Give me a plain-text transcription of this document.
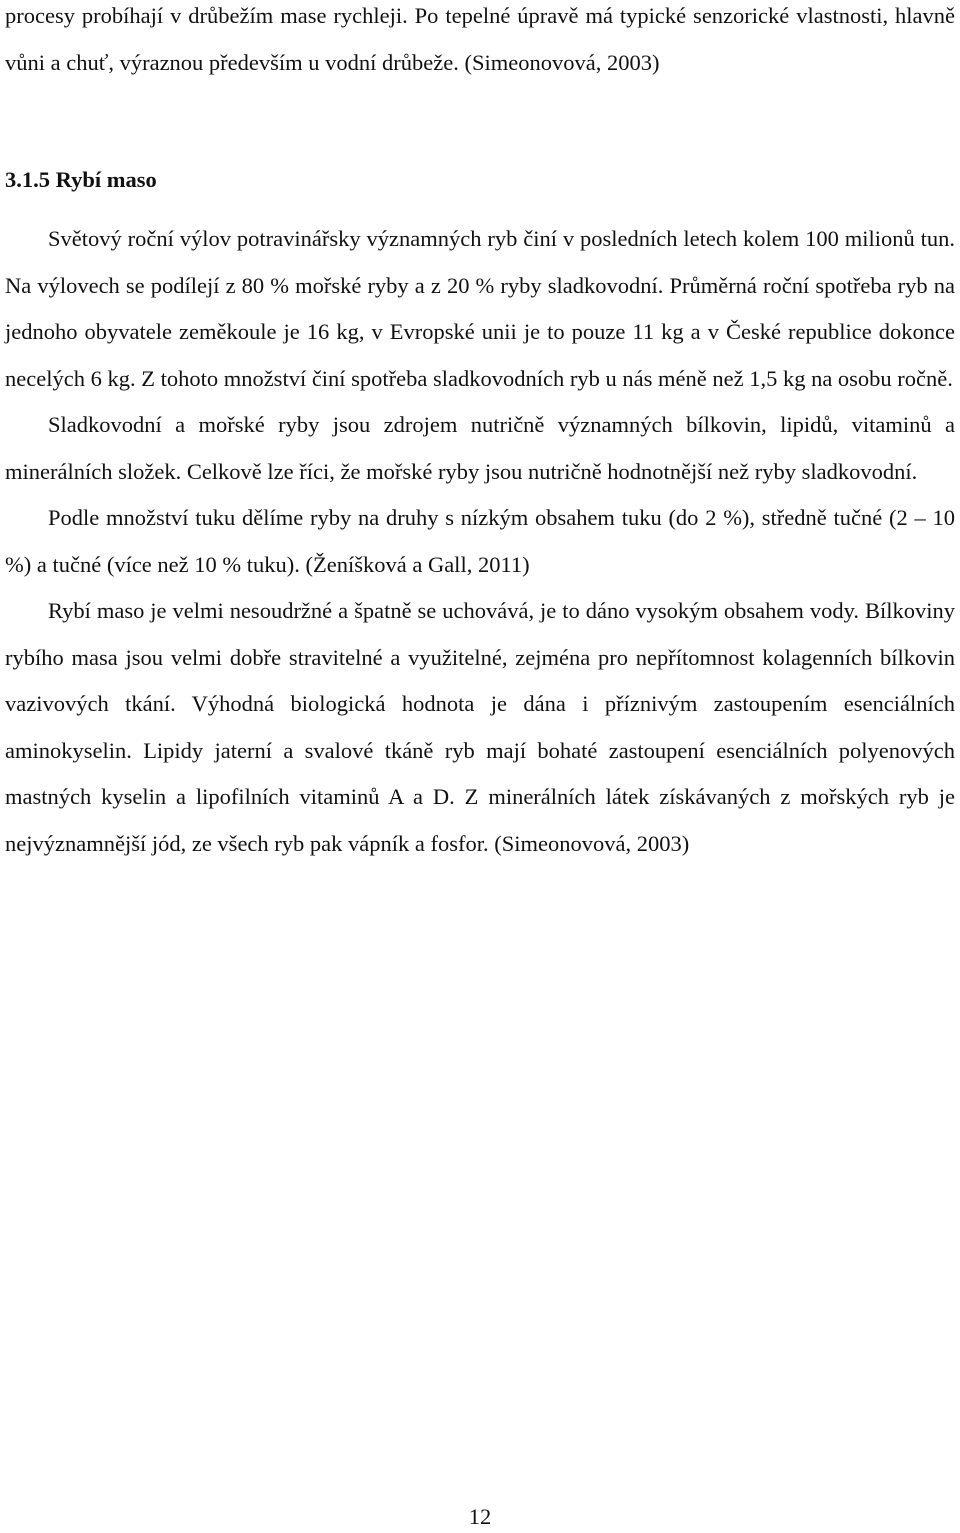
procesy probíhají v drůbežím mase rychleji. Po tepelné úpravě má typické senzorické vlastnosti, hlavně vůni a chuť, výraznou především u vodní drůbeže. (Simeonovová, 2003)
3.1.5 Rybí maso

Světový roční výlov potravinářsky významných ryb činí v posledních letech kolem 100 milionů tun. Na výlovech se podílejí z 80 % mořské ryby a z 20 % ryby sladkovodní. Průměrná roční spotřeba ryb na jednoho obyvatele zeměkoule je 16 kg, v Evropské unii je to pouze 11 kg a v České republice dokonce necelých 6 kg. Z tohoto množství činí spotřeba sladkovodních ryb u nás méně než 1,5 kg na osobu ročně.

Sladkovodní a mořské ryby jsou zdrojem nutričně významných bílkovin, lipidů, vitaminů a minerálních složek. Celkově lze říci, že mořské ryby jsou nutričně hodnotnější než ryby sladkovodní.

Podle množství tuku dělíme ryby na druhy s nízkým obsahem tuku (do 2 %), středně tučné (2 – 10 %) a tučné (více než 10 % tuku). (Ženíšková a Gall, 2011)

Rybí maso je velmi nesoudržné a špatně se uchovává, je to dáno vysokým obsahem vody. Bílkoviny rybího masa jsou velmi dobře stravitelné a využitelné, zejména pro nepřítomnost kolagenních bílkovin vazivových tkání. Výhodná biologická hodnota je dána i příznivým zastoupením esenciálních aminokyselin. Lipidy jaterní a svalové tkáně ryb mají bohaté zastoupení esenciálních polyenových mastných kyselin a lipofilních vitaminů A a D. Z minerálních látek získávaných z mořských ryb je nejvýznamnější jód, ze všech ryb pak vápník a fosfor. (Simeonovová, 2003)

12
